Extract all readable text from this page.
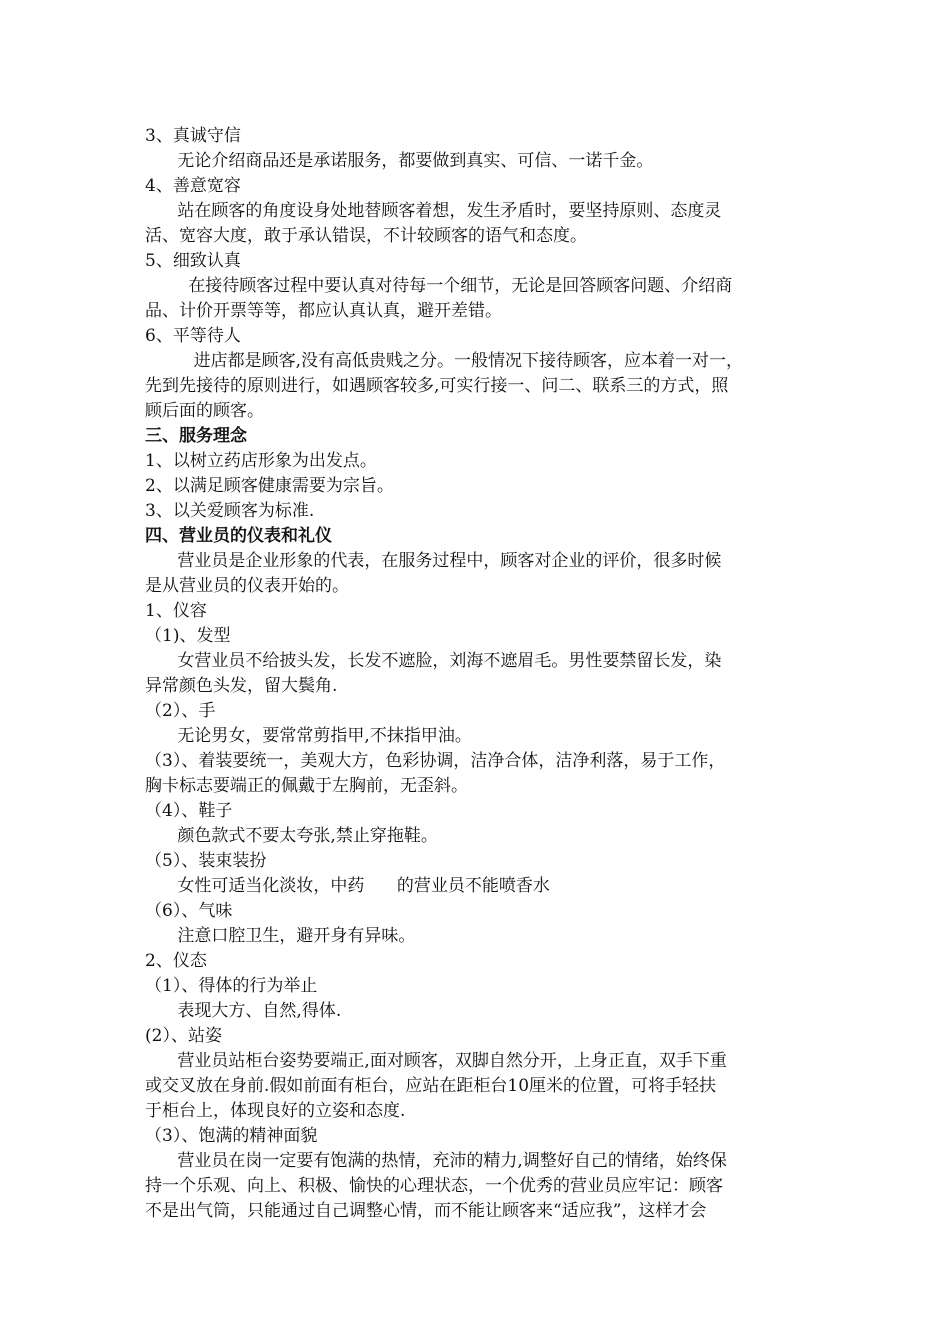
3、真诚守信
无论介绍商品还是承诺服务，都要做到真实、可信、一诺千金。
4、善意宽容
站在顾客的角度设身处地替顾客着想，发生矛盾时，要坚持原则、态度灵
活、宽容大度，敢于承认错误，不计较顾客的语气和态度。
5、细致认真
在接待顾客过程中要认真对待每一个细节，无论是回答顾客问题、介绍商
品、计价开票等等，都应认真认真，避开差错。
6、平等待人
进店都是顾客,没有高低贵贱之分。一般情况下接待顾客，应本着一对一，
先到先接待的原则进行，如遇顾客较多,可实行接一、问二、联系三的方式，照
顾后面的顾客。
三、服务理念
1、以树立药店形象为出发点。
2、以满足顾客健康需要为宗旨。
3、以关爱顾客为标准.
四、营业员的仪表和礼仪
营业员是企业形象的代表，在服务过程中，顾客对企业的评价，很多时候
是从营业员的仪表开始的。
1、仪容
（1)、发型
女营业员不给披头发，长发不遮脸，刘海不遮眉毛。男性要禁留长发，染
异常颜色头发，留大鬓角.
（2）、手
无论男女，要常常剪指甲,不抹指甲油。
（3）、着装要统一，美观大方，色彩协调，洁净合体，洁净利落，易于工作，
胸卡标志要端正的佩戴于左胸前，无歪斜。
（4）、鞋子
颜色款式不要太夸张,禁止穿拖鞋。
（5）、装束装扮
女性可适当化淡妆，中药      的营业员不能喷香水
（6）、气味
注意口腔卫生，避开身有异味。
2、仪态
（1）、得体的行为举止
表现大方、自然,得体.
(2）、站姿
营业员站柜台姿势要端正,面对顾客，双脚自然分开，上身正直，双手下重
或交叉放在身前.假如前面有柜台，应站在距柜台10厘米的位置，可将手轻扶
于柜台上，体现良好的立姿和态度.
（3）、饱满的精神面貌
营业员在岗一定要有饱满的热情，充沛的精力,调整好自己的情绪，始终保
持一个乐观、向上、积极、愉快的心理状态，一个优秀的营业员应牢记：顾客
不是出气筒，只能通过自己调整心情，而不能让顾客来“适应我”，这样才会
